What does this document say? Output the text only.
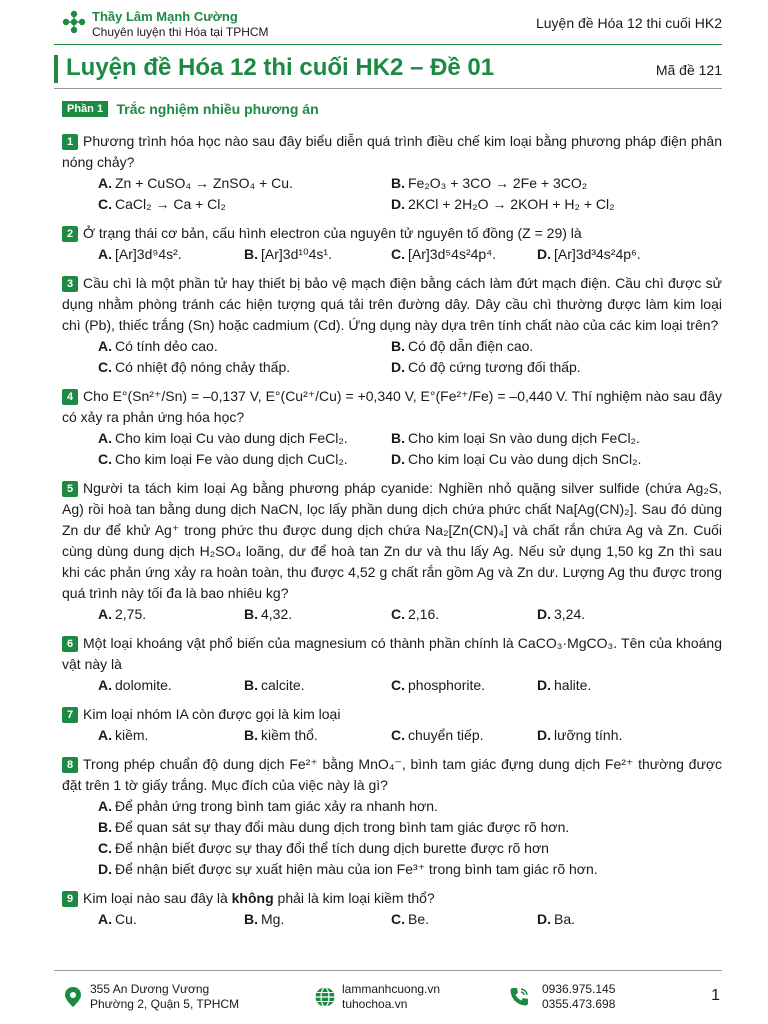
Thầy Lâm Mạnh Cường
Chuyên luyện thi Hóa tại TPHCM
Luyện đề Hóa 12 thi cuối HK2
Luyện đề Hóa 12 thi cuối HK2 – Đề 01	Mã đề 121
Phần 1 Trắc nghiệm nhiều phương án

1 Phương trình hóa học nào sau đây biểu diễn quá trình điều chế kim loại bằng phương pháp điện phân nóng chảy?

A. Zn + CuSO₄ → ZnSO₄ + Cu.	B. Fe₂O₃ + 3CO → 2Fe + 3CO₂
C. CaCl₂ → Ca + Cl₂	D. 2KCl + 2H₂O → 2KOH + H₂ + Cl₂

2 Ở trạng thái cơ bản, cấu hình electron của nguyên tử nguyên tố đồng (Z = 29) là

A. [Ar]3d⁹4s².	B. [Ar]3d¹⁰4s¹.	C. [Ar]3d⁵4s²4p⁴.	D. [Ar]3d³4s²4p⁶.

3 Cầu chì là một phần tử hay thiết bị bảo vệ mạch điện bằng cách làm đứt mạch điện. Cầu chì được sử dụng nhằm phòng tránh các hiện tượng quá tải trên đường dây. Dây cầu chì thường được làm kim loại chì (Pb), thiếc trắng (Sn) hoặc cadmium (Cd). Ứng dụng này dựa trên tính chất nào của các kim loại trên?

A. Có tính dẻo cao.	B. Có độ dẫn điện cao.
C. Có nhiệt độ nóng chảy thấp.	D. Có độ cứng tương đối thấp.

4 Cho E°(Sn²⁺/Sn) = –0,137 V, E°(Cu²⁺/Cu) = +0,340 V, E°(Fe²⁺/Fe) = –0,440 V. Thí nghiệm nào sau đây có xảy ra phản ứng hóa học?

A. Cho kim loại Cu vào dung dịch FeCl₂.	B. Cho kim loại Sn vào dung dịch FeCl₂.
C. Cho kim loại Fe vào dung dịch CuCl₂.	D. Cho kim loại Cu vào dung dịch SnCl₂.

5 Người ta tách kim loại Ag bằng phương pháp cyanide: Nghiền nhỏ quặng silver sulfide (chứa Ag₂S, Ag) rồi hoà tan bằng dung dịch NaCN, lọc lấy phần dung dịch chứa phức chất Na[Ag(CN)₂]. Sau đó dùng Zn dư để khử Ag⁺ trong phức thu được dung dịch chứa Na₂[Zn(CN)₄] và chất rắn chứa Ag và Zn. Cuối cùng dùng dung dịch H₂SO₄ loãng, dư để hoà tan Zn dư và thu lấy Ag. Nếu sử dụng 1,50 kg Zn thì sau khi các phản ứng xảy ra hoàn toàn, thu được 4,52 g chất rắn gồm Ag và Zn dư. Lượng Ag thu được trong quá trình này tối đa là bao nhiêu kg?

A. 2,75.	B. 4,32.	C. 2,16.	D. 3,24.

6 Một loại khoáng vật phổ biến của magnesium có thành phần chính là CaCO₃·MgCO₃. Tên của khoáng vật này là

A. dolomite.	B. calcite.	C. phosphorite.	D. halite.

7 Kim loại nhóm IA còn được gọi là kim loại

A. kiềm.	B. kiềm thổ.	C. chuyển tiếp.	D. lưỡng tính.

8 Trong phép chuẩn độ dung dịch Fe²⁺ bằng MnO₄⁻, bình tam giác đựng dung dịch Fe²⁺ thường được đặt trên 1 tờ giấy trắng. Mục đích của việc này là gì?

A. Để phản ứng trong bình tam giác xảy ra nhanh hơn.
B. Để quan sát sự thay đổi màu dung dịch trong bình tam giác được rõ hơn.
C. Để nhận biết được sự thay đổi thể tích dung dịch burette được rõ hơn
D. Để nhận biết được sự xuất hiện màu của ion Fe³⁺ trong bình tam giác rõ hơn.

9 Kim loại nào sau đây là không phải là kim loại kiềm thổ?

A. Cu.	B. Mg.	C. Be.	D. Ba.
355 An Dương Vương
Phường 2, Quận 5, TPHCM
lammanhcuong.vn
tuhochoa.vn
0936.975.145
0355.473.698	1
